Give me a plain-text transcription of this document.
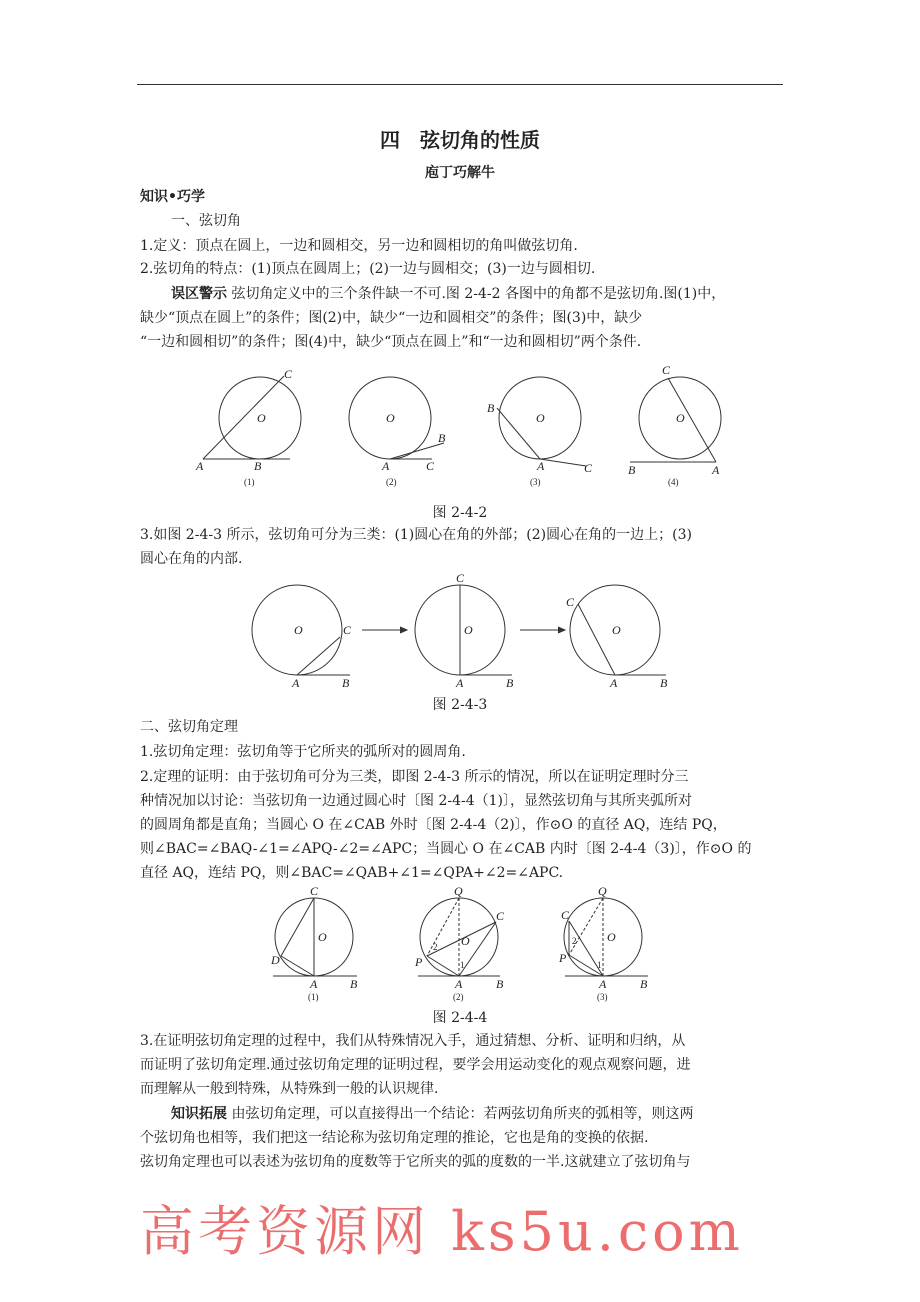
四　弦切角的性质
庖丁巧解牛
知识•巧学
一、弦切角
1.定义：顶点在圆上，一边和圆相交，另一边和圆相切的角叫做弦切角.
2.弦切角的特点：(1)顶点在圆周上；(2)一边与圆相交；(3)一边与圆相切.
误区警示 弦切角定义中的三个条件缺一不可.图 2-4-2 各图中的角都不是弦切角.图(1)中，
缺少“顶点在圆上”的条件；图(2)中，缺少“一边和圆相交”的条件；图(3)中，缺少
“一边和圆相切”的条件；图(4)中，缺少“顶点在圆上”和“一边和圆相切”两个条件.
图 2-4-2
3.如图 2-4-3 所示，弦切角可分为三类：(1)圆心在角的外部；(2)圆心在角的一边上；(3)
圆心在角的内部.
图 2-4-3
二、弦切角定理
1.弦切角定理：弦切角等于它所夹的弧所对的圆周角.
2.定理的证明：由于弦切角可分为三类，即图 2-4-3 所示的情况，所以在证明定理时分三
种情况加以讨论：当弦切角一边通过圆心时〔图 2-4-4（1)〕，显然弦切角与其所夹弧所对
的圆周角都是直角；当圆心 O 在∠CAB 外时〔图 2-4-4（2)〕，作⊙O 的直径 AQ，连结 PQ，
则∠BAC=∠BAQ-∠1=∠APQ-∠2=∠APC；当圆心 O 在∠CAB 内时〔图 2-4-4（3)〕，作⊙O 的
直径 AQ，连结 PQ，则∠BAC=∠QAB+∠1=∠QPA+∠2=∠APC.
图 2-4-4
3.在证明弦切角定理的过程中，我们从特殊情况入手，通过猜想、分析、证明和归纳，从
而证明了弦切角定理.通过弦切角定理的证明过程，要学会用运动变化的观点观察问题，进
而理解从一般到特殊，从特殊到一般的认识规律.
知识拓展 由弦切角定理，可以直接得出一个结论：若两弦切角所夹的弧相等，则这两
个弦切角也相等，我们把这一结论称为弦切角定理的推论，它也是角的变换的依据.
弦切角定理也可以表述为弦切角的度数等于它所夹的弧的度数的一半.这就建立了弦切角与
A	B
C
O
(1)
A	C
B
O
(2)
A	C
B
O
(3)
A
B
C
O
(4)
A	B
C
O
A	B
C
O
A	B
C
O
C
O
D
A	B
(1)
Q
C
O
P
2
1
A	B
(2)
Q
C
O
P
2
1
A	B
(3)
高考资源网 ks5u.com
